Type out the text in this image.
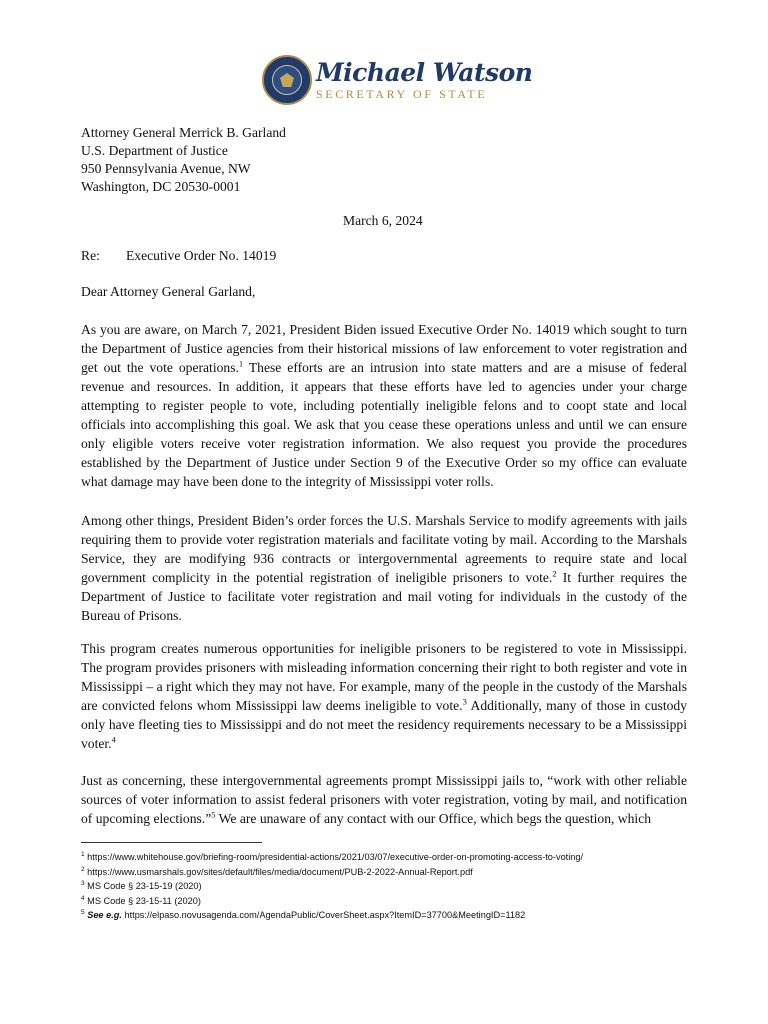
Michael Watson
SECRETARY OF STATE
Attorney General Merrick B. Garland
U.S. Department of Justice
950 Pennsylvania Avenue, NW
Washington, DC 20530-0001
March 6, 2024
Re: Executive Order No. 14019
Dear Attorney General Garland,
As you are aware, on March 7, 2021, President Biden issued Executive Order No. 14019 which sought to turn the Department of Justice agencies from their historical missions of law enforcement to voter registration and get out the vote operations.$^1$ These efforts are an intrusion into state matters and are a misuse of federal revenue and resources. In addition, it appears that these efforts have led to agencies under your charge attempting to register people to vote, including potentially ineligible felons and to coopt state and local officials into accomplishing this goal. We ask that you cease these operations unless and until we can ensure only eligible voters receive voter registration information. We also request you provide the procedures established by the Department of Justice under Section 9 of the Executive Order so my office can evaluate what damage may have been done to the integrity of Mississippi voter rolls.
Among other things, President Biden’s order forces the U.S. Marshals Service to modify agreements with jails requiring them to provide voter registration materials and facilitate voting by mail. According to the Marshals Service, they are modifying 936 contracts or intergovernmental agreements to require state and local government complicity in the potential registration of ineligible prisoners to vote.$^2$ It further requires the Department of Justice to facilitate voter registration and mail voting for individuals in the custody of the Bureau of Prisons.
This program creates numerous opportunities for ineligible prisoners to be registered to vote in Mississippi. The program provides prisoners with misleading information concerning their right to both register and vote in Mississippi – a right which they may not have. For example, many of the people in the custody of the Marshals are convicted felons whom Mississippi law deems ineligible to vote.$^3$ Additionally, many of those in custody only have fleeting ties to Mississippi and do not meet the residency requirements necessary to be a Mississippi voter.$^4$
Just as concerning, these intergovernmental agreements prompt Mississippi jails to, “work with other reliable sources of voter information to assist federal prisoners with voter registration, voting by mail, and notification of upcoming elections.”$^5$ We are unaware of any contact with our Office, which begs the question, which
$^1$ https://www.whitehouse.gov/briefing-room/presidential-actions/2021/03/07/executive-order-on-promoting-access-to-voting/
$^2$ https://www.usmarshals.gov/sites/default/files/media/document/PUB-2-2022-Annual-Report.pdf
$^3$ MS Code § 23-15-19 (2020)
$^4$ MS Code § 23-15-11 (2020)
$^5$ See e.g. https://elpaso.novusagenda.com/AgendaPublic/CoverSheet.aspx?ItemID=37700&MeetingID=1182
